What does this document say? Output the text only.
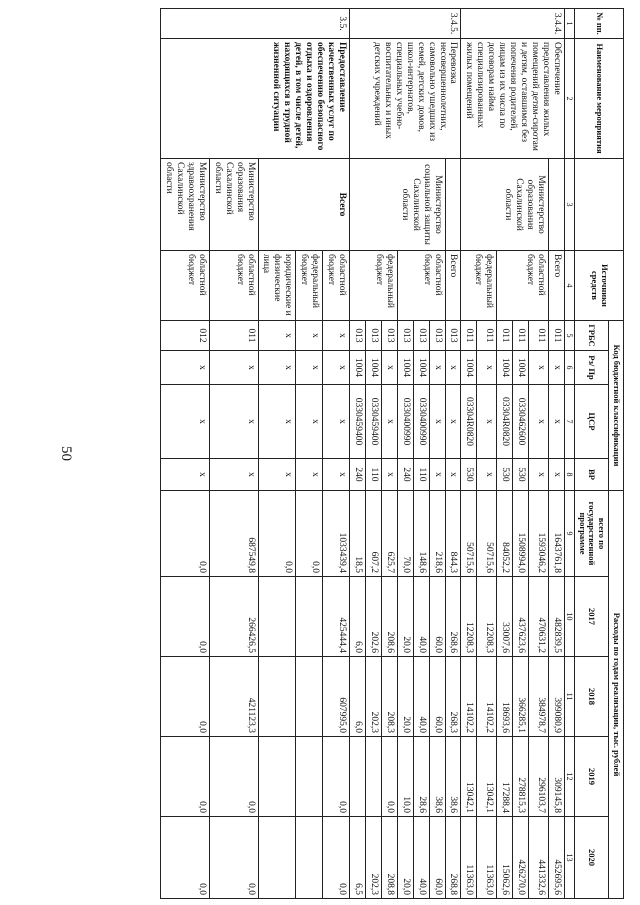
50
№ пп.	Наименование мероприятия		Источники средств	Код бюджетной классификации				Расходы по годам реализации, тыс. рублей				
				ГРБС	Рз/ Пр	ЦСР	ВР	всего по государственной программе	2017	2018	2019	2020
1	2	3	4	5	6	7	8	9	10	11	12	13
3.4.4.	Обеспечение предоставления жилых помещений детям-сиротам и детям, оставшимся без попечения родителей, лицам из их числа по договорам найма специализированных жилых помещений		Всего	011	x	x	x	1643761,8	482839,5	399080,9	309145,8	452695,6
		Министерство образования Сахалинской области	областной бюджет	011	x	x	x	1593046,2	470631,2	384978,7	296103,7	441332,6
				011	1004	0330462600	530	1508994,0	437623,6	366285,1	278815,3	426270,0
				011	1004	03304R0820	530	84052,2	33007,6	18693,6	17288,4	15062,6
			федеральный бюджет	011	x	x	x	50715,6	12208,3	14102,2	13042,1	11363,0
				011	1004	03304R0820	530	50715,6	12208,3	14102,2	13042,1	11363,0
3.4.5.	Перевозка несовершеннолетних, самовольно ушедших из семей, детских домов, школ-интернатов, специальных учебно-воспитательных и иных детских учреждений		Всего	013	x	x	x	844,3	268,6	268,3	38,6	268,8
		Министерство социальной защиты Сахалинской области	областной бюджет	013	x	x	x	218,6	60,0	60,0	38,6	60,0
				013	1004	0330400990	110	148,6	40,0	40,0	28,6	40,0
				013	1004	0330400990	240	70,0	20,0	20,0	10,0	20,0
			федеральный бюджет	013	x	x	x	625,7	208,6	208,3	0,0	208,8
				013	1004	0330459400	110	607,2	202,6	202,3		202,3
				013	1004	0330459400	240	18,5	6,0	6,0		6,5
3.5.	Предоставление качественных услуг по обеспечению безопасного отдыха и оздоровления детей, в том числе детей, находящихся в трудной жизненной ситуации	Всего	областной бюджет	x	x	x	x	1033439,4	425444,4	607995,0	0,0	0,0
			федеральный бюджет	x	x	x	x	0,0				
			юридические и физические лица	x	x	x	x	0,0				
		Министерство образования Сахалинской области	областной бюджет	011	x	x	x	687549,8	266426,5	421123,3	0,0	0,0
		Министерство здравоохранения Сахалинской области	областной бюджет	012	x	x	x	0,0	0,0	0,0	0,0	0,0
